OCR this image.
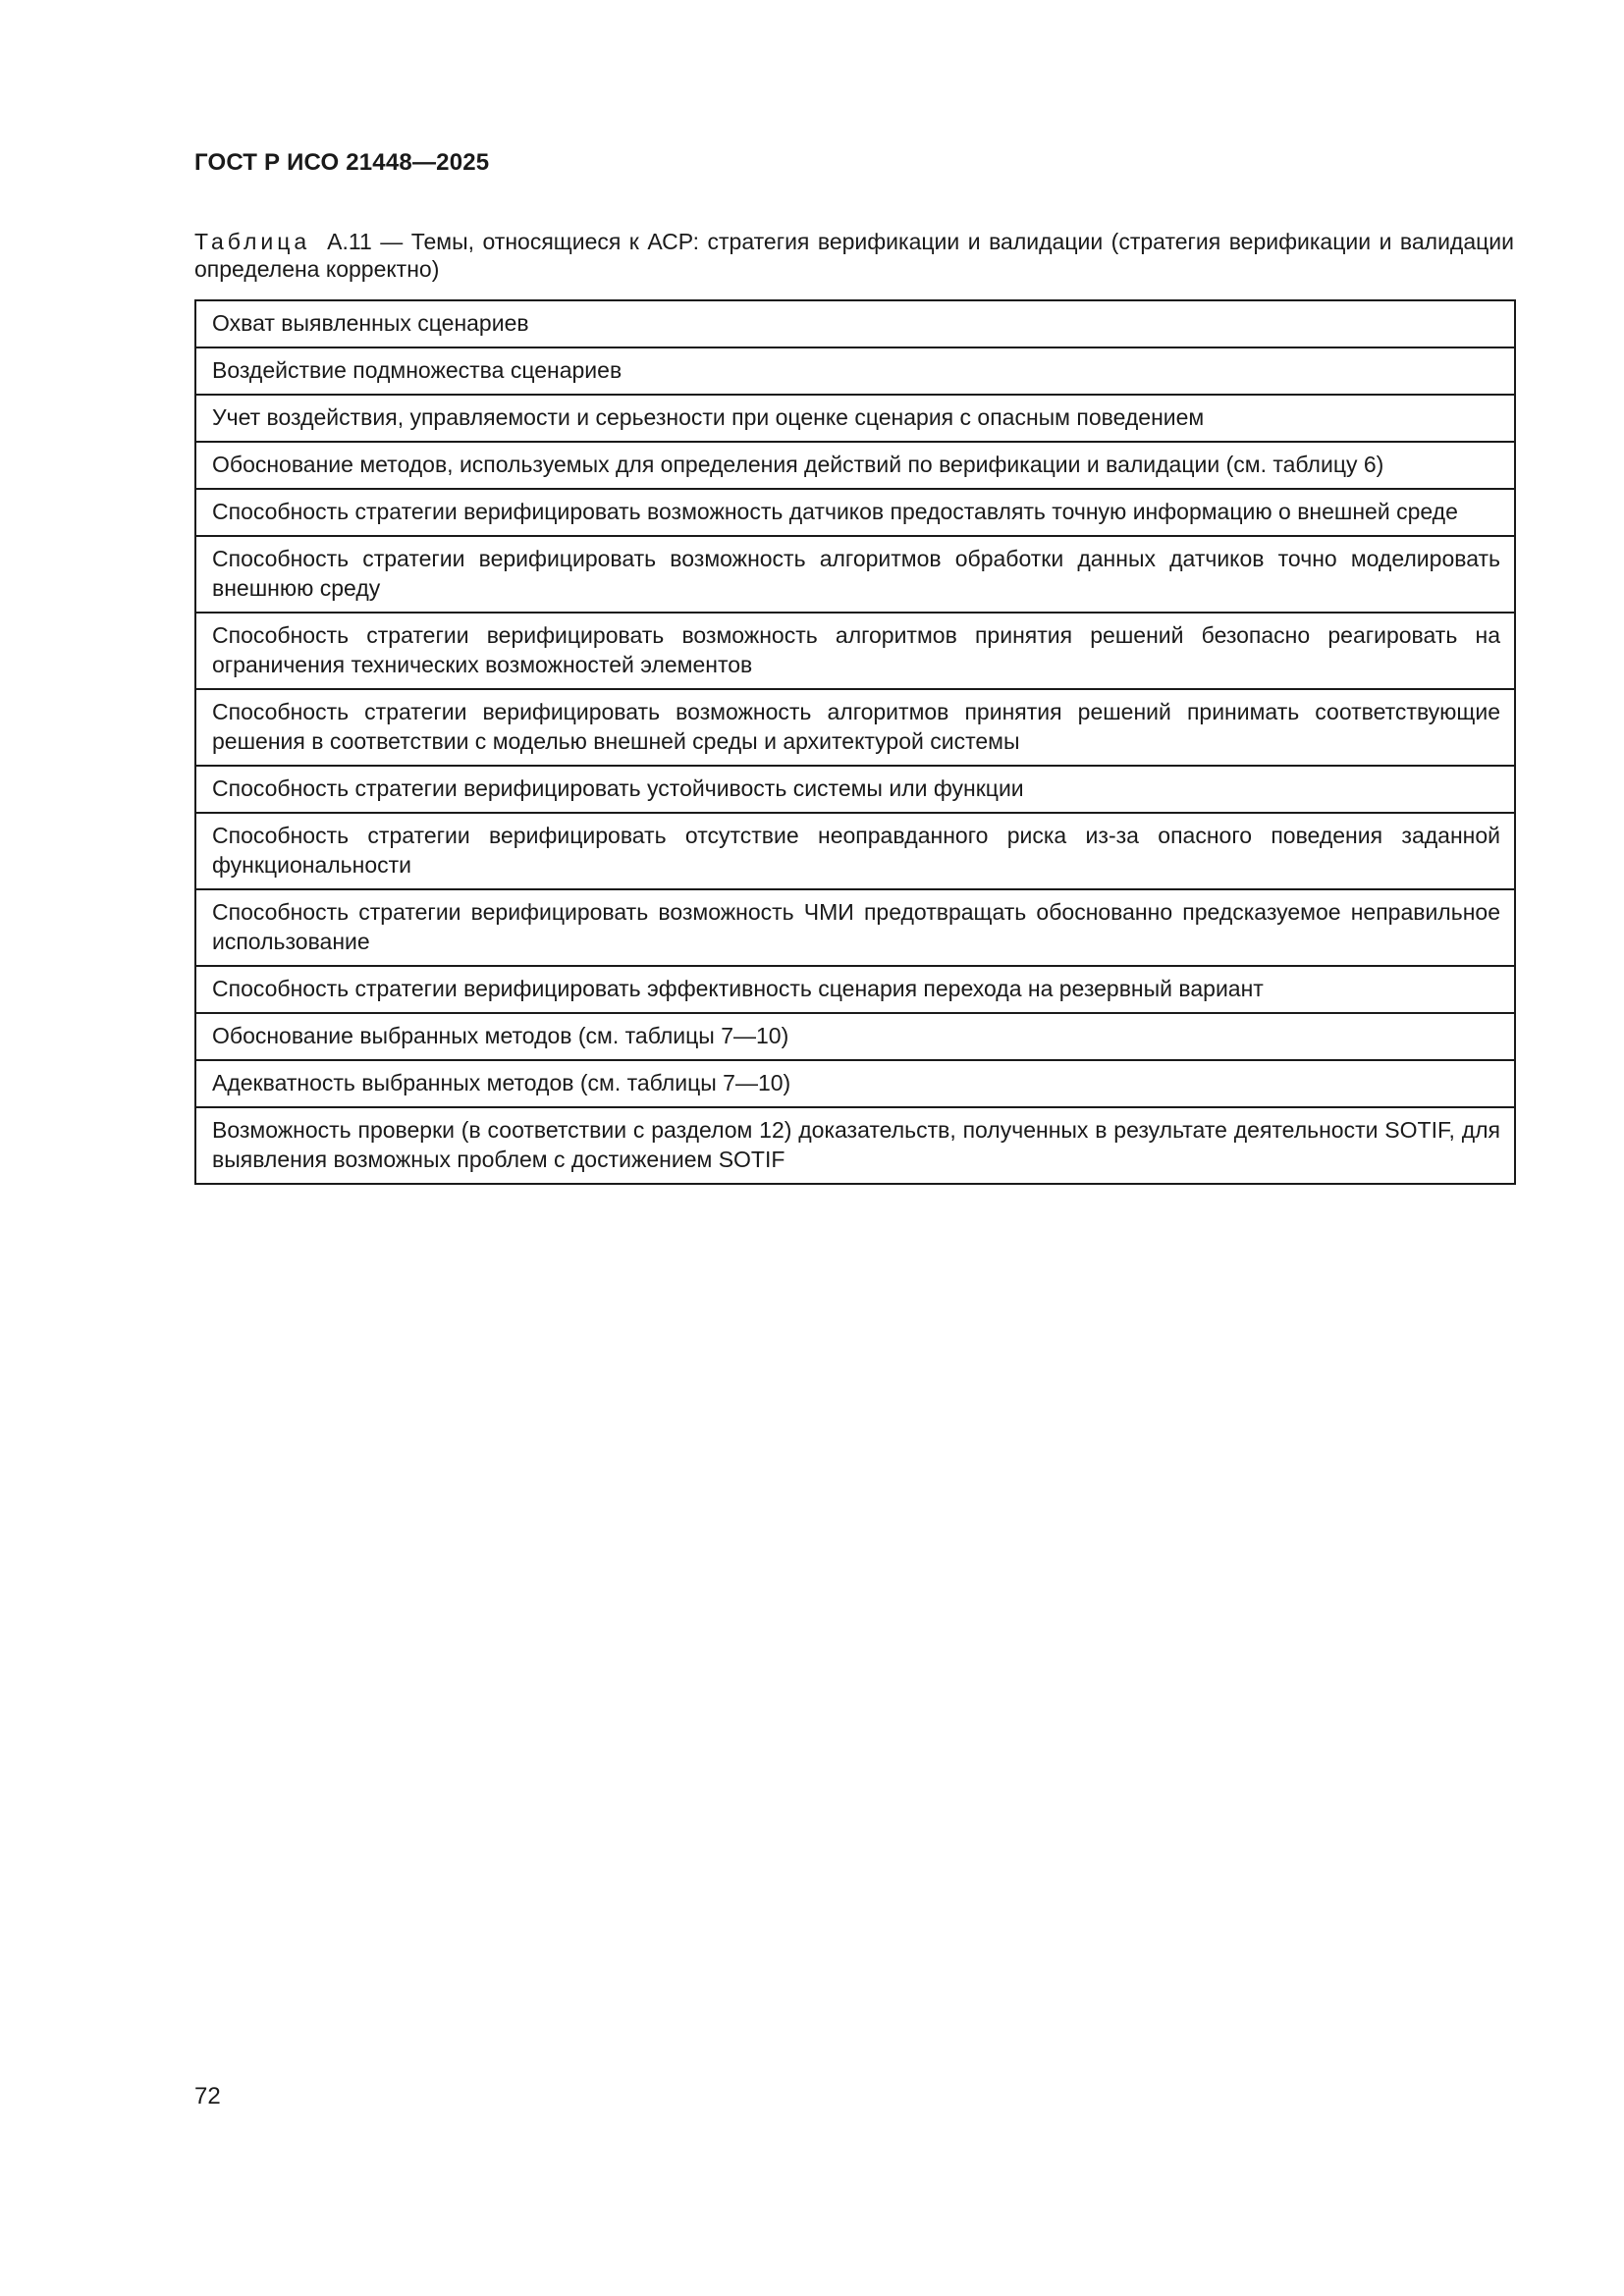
ГОСТ Р ИСО 21448—2025
Таблица А.11 — Темы, относящиеся к АСР: стратегия верификации и валидации (стратегия верификации и валидации определена корректно)
Охват выявленных сценариев
Воздействие подмножества сценариев
Учет воздействия, управляемости и серьезности при оценке сценария с опасным поведением
Обоснование методов, используемых для определения действий по верификации и валидации (см. таблицу 6)
Способность стратегии верифицировать возможность датчиков предоставлять точную информацию о внешней среде
Способность стратегии верифицировать возможность алгоритмов обработки данных датчиков точно моделировать внешнюю среду
Способность стратегии верифицировать возможность алгоритмов принятия решений безопасно реагировать на ограничения технических возможностей элементов
Способность стратегии верифицировать возможность алгоритмов принятия решений принимать соответствующие решения в соответствии с моделью внешней среды и архитектурой системы
Способность стратегии верифицировать устойчивость системы или функции
Способность стратегии верифицировать отсутствие неоправданного риска из-за опасного поведения заданной функциональности
Способность стратегии верифицировать возможность ЧМИ предотвращать обоснованно предсказуемое неправильное использование
Способность стратегии верифицировать эффективность сценария перехода на резервный вариант
Обоснование выбранных методов (см. таблицы 7—10)
Адекватность выбранных методов (см. таблицы 7—10)
Возможность проверки (в соответствии с разделом 12) доказательств, полученных в результате деятельности SOTIF, для выявления возможных проблем с достижением SOTIF
72
